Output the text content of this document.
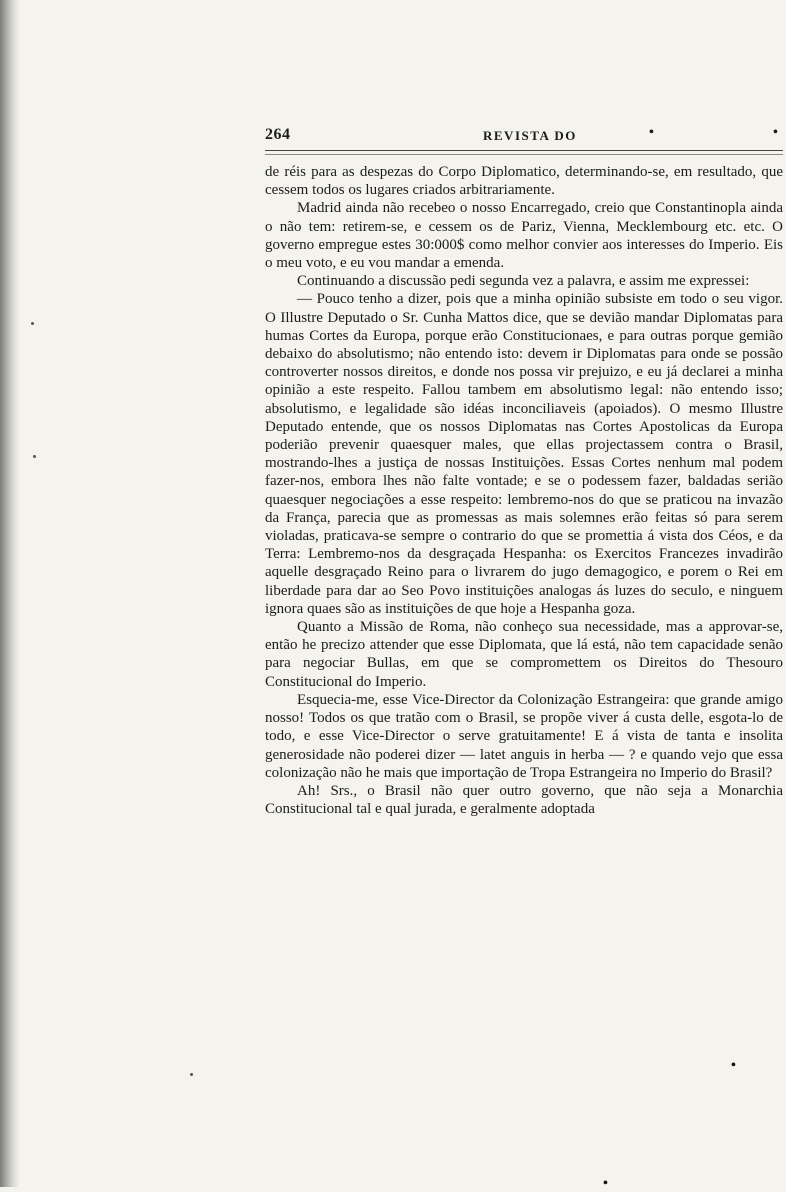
264	REVISTA DO	•	•

de réis para as despezas do Corpo Diplomatico, determinando-se, em resultado, que cessem todos os lugares criados arbitrariamente.

Madrid ainda não recebeo o nosso Encarregado, creio que Constantinopla ainda o não tem: retirem-se, e cessem os de Pariz, Vienna, Mecklembourg etc. etc. O governo empregue estes 30:000$ como melhor convier aos interesses do Imperio. Eis o meu voto, e eu vou mandar a emenda.

Continuando a discussão pedi segunda vez a palavra, e assim me expressei:

— Pouco tenho a dizer, pois que a minha opinião subsiste em todo o seu vigor. O Illustre Deputado o Sr. Cunha Mattos dice, que se devião mandar Diplomatas para humas Cortes da Europa, porque erão Constitucionaes, e para outras porque gemião debaixo do absolutismo; não entendo isto: devem ir Diplomatas para onde se possão controverter nossos direitos, e donde nos possa vir prejuizo, e eu já declarei a minha opinião a este respeito. Fallou tambem em absolutismo legal: não entendo isso; absolutismo, e legalidade são idéas inconciliaveis (apoiados). O mesmo Illustre Deputado entende, que os nossos Diplomatas nas Cortes Apostolicas da Europa poderião prevenir quaesquer males, que ellas projectassem contra o Brasil, mostrando-lhes a justiça de nossas Instituições. Essas Cortes nenhum mal podem fazer-nos, embora lhes não falte vontade; e se o podessem fazer, baldadas serião quaesquer negociações a esse respeito: lembremo-nos do que se praticou na invazão da França, parecia que as promessas as mais solemnes erão feitas só para serem violadas, praticava-se sempre o contrario do que se promettia á vista dos Céos, e da Terra: Lembremo-nos da desgraçada Hespanha: os Exercitos Francezes invadirão aquelle desgraçado Reino para o livrarem do jugo demagogico, e porem o Rei em liberdade para dar ao Seo Povo instituições analogas ás luzes do seculo, e ninguem ignora quaes são as instituições de que hoje a Hespanha goza.

Quanto a Missão de Roma, não conheço sua necessidade, mas a approvar-se, então he precizo attender que esse Diplomata, que lá está, não tem capacidade senão para negociar Bullas, em que se compromettem os Direitos do Thesouro Constitucional do Imperio.

Esquecia-me, esse Vice-Director da Colonização Estrangeira: que grande amigo nosso! Todos os que tratão com o Brasil, se propõe viver á custa delle, esgota-lo de todo, e esse Vice-Director o serve gratuitamente! E á vista de tanta e insolita generosidade não poderei dizer — latet anguis in herba — ? e quando vejo que essa colonização não he mais que importação de Tropa Estrangeira no Imperio do Brasil?

Ah! Srs., o Brasil não quer outro governo, que não seja a Monarchia Constitucional tal e qual jurada, e geralmente adoptada

•
•
